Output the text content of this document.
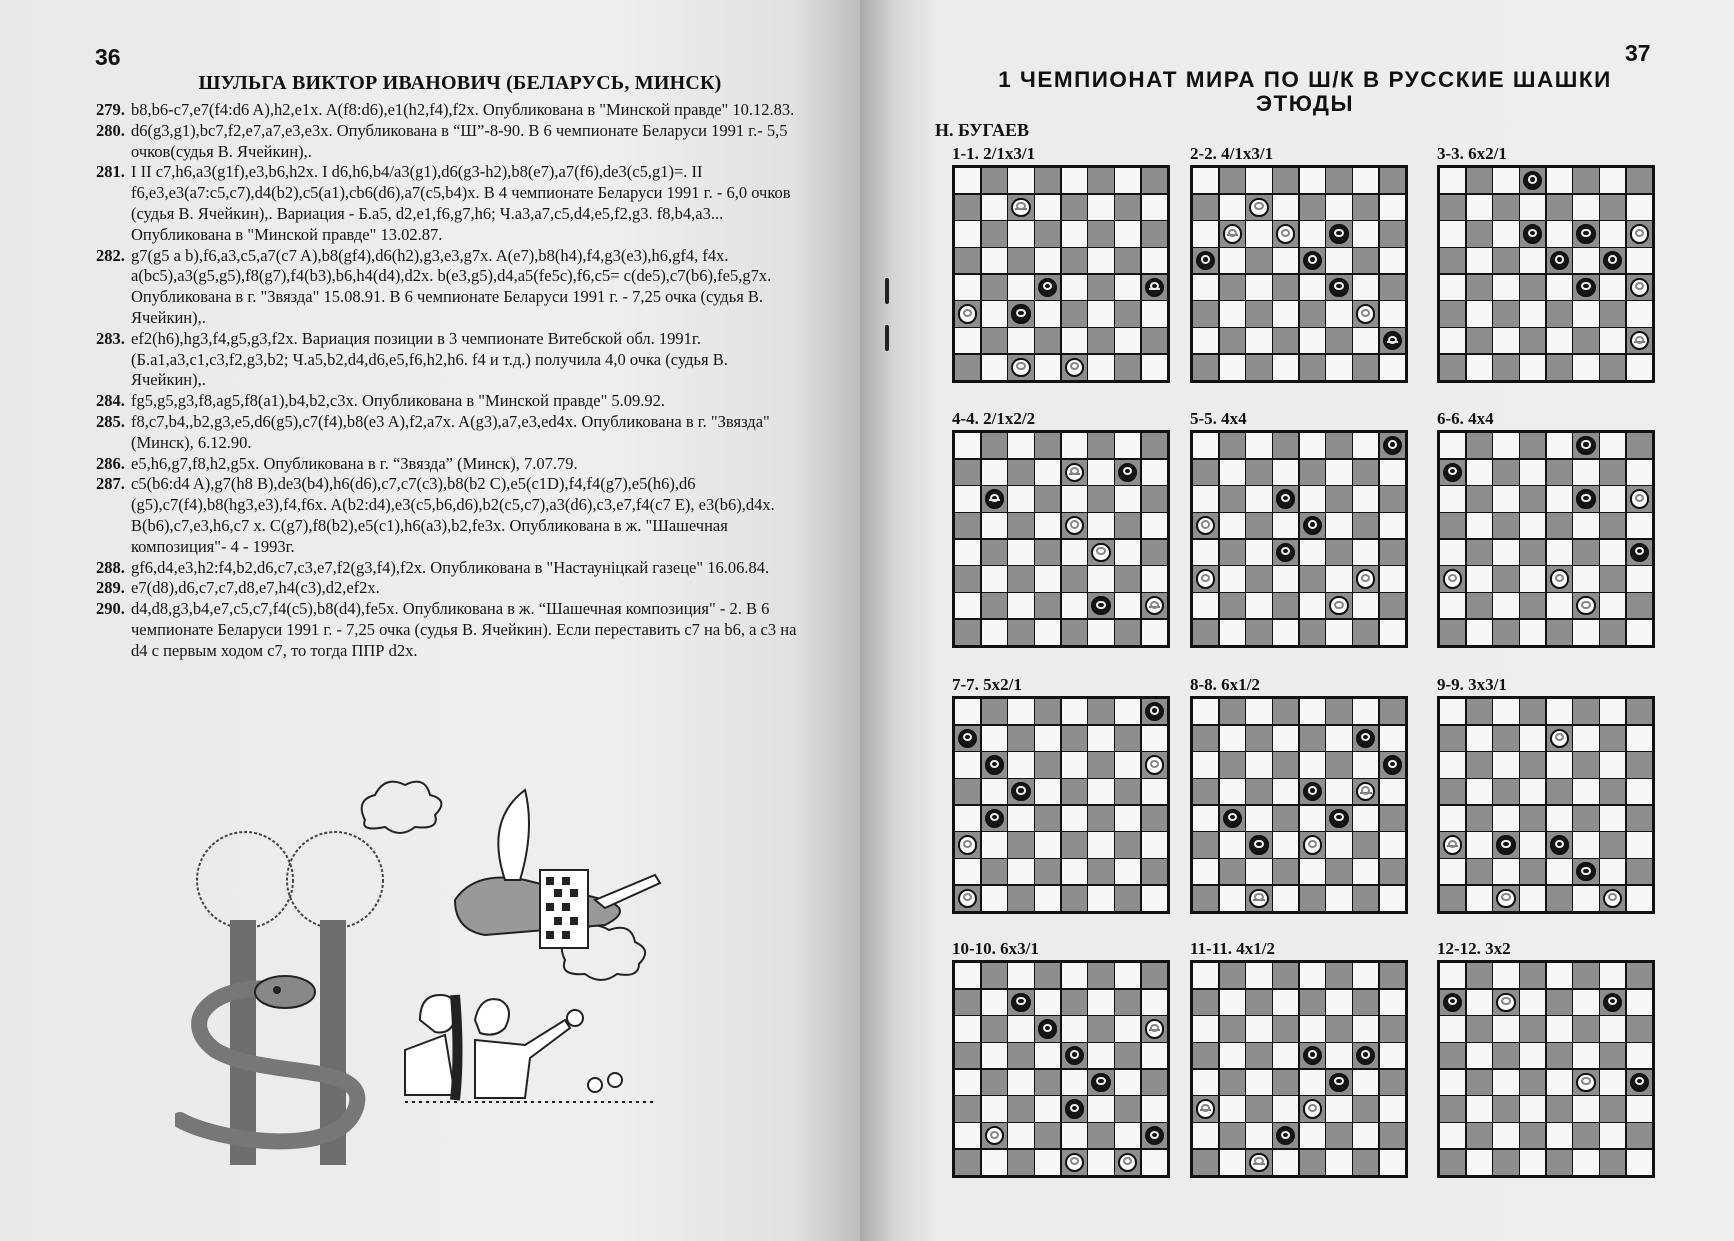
36
ШУЛЬГА ВИКТОР ИВАНОВИЧ (БЕЛАРУСЬ, МИНСК)
279. b8,b6-c7,e7(f4:d6 A),h2,e1x. A(f8:d6),e1(h2,f4),f2x. Опубликована в "Минской правде" 10.12.83.
280. d6(g3,g1),bc7,f2,e7,a7,e3,e3x. Опубликована в “Ш”-8-90. В 6 чемпионате Беларуси 1991 г.- 5,5 очков(судья В. Ячейкин),.
281. I II c7,h6,a3(g1f),e3,b6,h2x. I d6,h6,b4/a3(g1),d6(g3-h2),b8(e7),a7(f6),de3(c5,g1)=. II f6,e3,e3(a7:c5,c7),d4(b2),c5(a1),cb6(d6),a7(c5,b4)x. В 4 чемпионате Беларуси 1991 г. - 6,0 очков (судья В. Ячейкин),. Вариация - Б.a5, d2,e1,f6,g7,h6; Ч.a3,a7,c5,d4,e5,f2,g3. f8,b4,a3... Опубликована в "Минской правде" 13.02.87.
282. g7(g5 a b),f6,a3,c5,a7(c7 A),b8(gf4),d6(h2),g3,e3,g7x. A(e7),b8(h4),f4,g3(e3),h6,gf4, f4x. a(bc5),a3(g5,g5),f8(g7),f4(b3),b6,h4(d4),d2x. b(e3,g5),d4,a5(fe5c),f6,c5= c(de5),c7(b6),fe5,g7x. Опубликована в г. "Звязда" 15.08.91. В 6 чемпионате Беларуси 1991 г. - 7,25 очка (судья В. Ячейкин),.
283. ef2(h6),hg3,f4,g5,g3,f2x. Вариация позиции в 3 чемпионате Витебской обл. 1991г. (Б.a1,a3,c1,c3,f2,g3,b2; Ч.a5,b2,d4,d6,e5,f6,h2,h6. f4 и т.д.) получила 4,0 очка (судья В. Ячейкин),.
284. fg5,g5,g3,f8,ag5,f8(a1),b4,b2,c3x. Опубликована в "Минской правде" 5.09.92.
285. f8,c7,b4,,b2,g3,e5,d6(g5),c7(f4),b8(e3 A),f2,a7x. A(g3),a7,e3,ed4x. Опубликована в г. "Звязда" (Минск), 6.12.90.
286. e5,h6,g7,f8,h2,g5x. Опубликована в г. “Звязда” (Минск), 7.07.79.
287. c5(b6:d4 A),g7(h8 B),de3(b4),h6(d6),c7,c7(c3),b8(b2 C),e5(c1D),f4,f4(g7),e5(h6),d6 (g5),c7(f4),b8(hg3,e3),f4,f6x. A(b2:d4),e3(c5,b6,d6),b2(c5,c7),a3(d6),c3,e7,f4(c7 E), e3(b6),d4x. B(b6),c7,e3,h6,c7 x. C(g7),f8(b2),e5(c1),h6(a3),b2,fe3x. Опубликована в ж. "Шашечная композиция"- 4 - 1993г.
288. gf6,d4,e3,h2:f4,b2,d6,c7,c3,e7,f2(g3,f4),f2x. Опубликована в "Настаунiцкай газеце" 16.06.84.
289. e7(d8),d6,c7,c7,d8,e7,h4(c3),d2,ef2x.
290. d4,d8,g3,b4,e7,c5,c7,f4(c5),b8(d4),fe5x. Опубликована в ж. “Шашечная композиция" - 2. В 6 чемпионате Беларуси 1991 г. - 7,25 очка (судья В. Ячейкин). Если переставить c7 на b6, а c3 на d4 с первым ходом c7, то тогда ППР d2x.
37
1 ЧЕМПИОНАТ МИРА ПО Ш/К В РУССКИЕ ШАШКИ
ЭТЮДЫ
Н. БУГАЕВ
1-1. 2/1x3/1	2-2. 4/1x3/1	3-3. 6x2/1
4-4. 2/1x2/2	5-5. 4x4	6-6. 4x4
7-7. 5x2/1	8-8. 6x1/2	9-9. 3x3/1
10-10. 6x3/1	11-11. 4x1/2	12-12. 3x2
